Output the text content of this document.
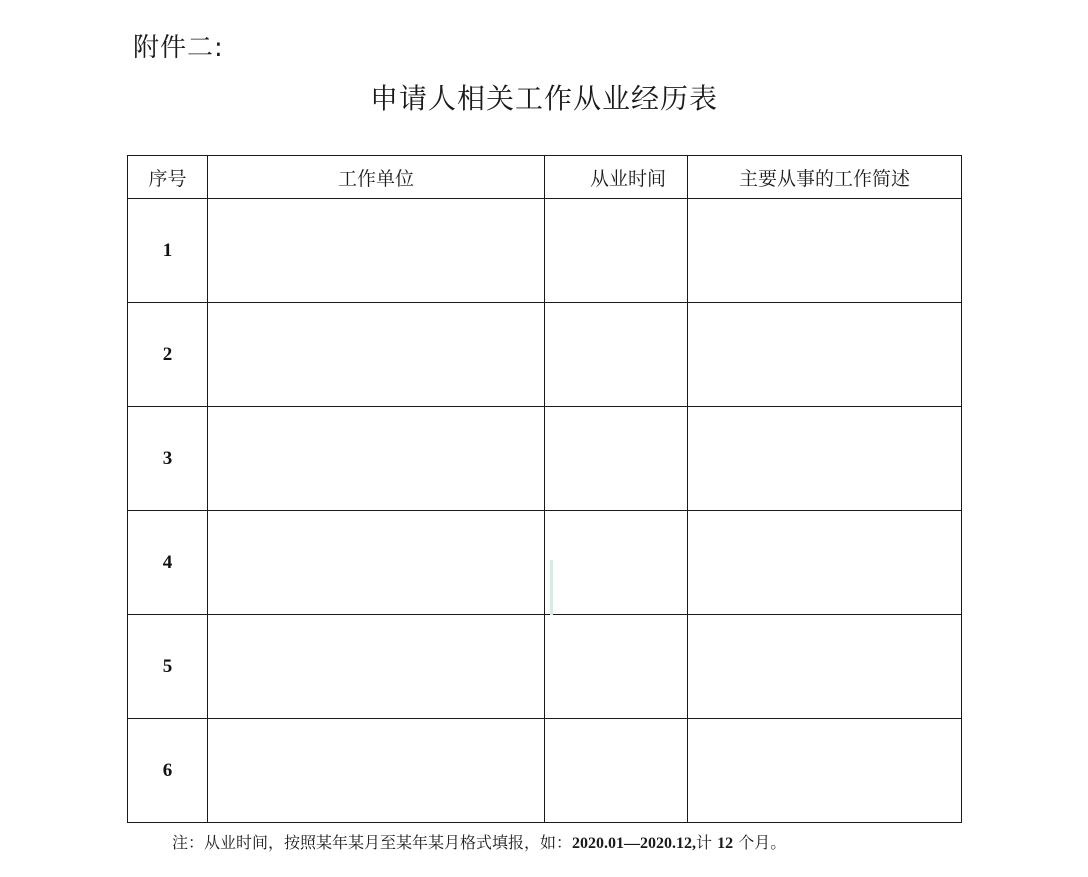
附件二:
申请人相关工作从业经历表
序号	工作单位	从业时间	主要从事的工作简述
1			
2			
3			
4			
5			
6			
注：从业时间，按照某年某月至某年某月格式填报，如：2020.01—2020.12,计 12 个月。
